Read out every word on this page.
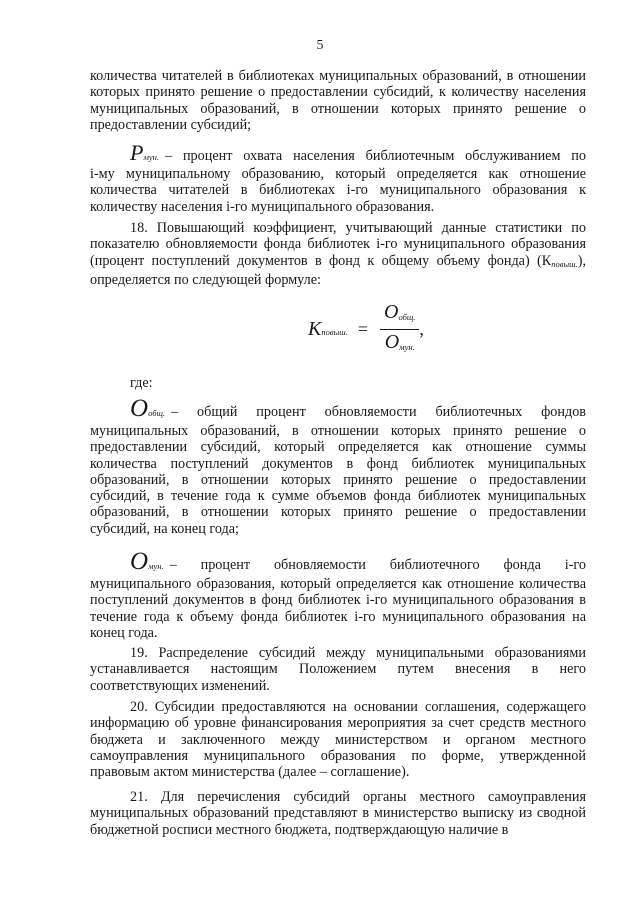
5

количества читателей в библиотеках муниципальных образований, в отношении которых принято решение о предоставлении субсидий, к количеству населения муниципальных образований, в отношении которых принято решение о предоставлении субсидий;

P мун. – процент охвата населения библиотечным обслуживанием по

i-му муниципальному образованию, который определяется как отношение количества читателей в библиотеках i-го муниципального образования к количеству населения i-го муниципального образования.

18. Повышающий коэффициент, учитывающий данные статистики по показателю обновляемости фонда библиотек i-го муниципального образования (процент поступлений документов в фонд к общему объему фонда) $(К_{повыш.})$, определяется по следующей формуле:

$K_{повыш.} = \frac{O_{общ.}}{O_{мун.}}$ ,

где:

O общ. – общий процент обновляемости библиотечных фондов

муниципальных образований, в отношении которых принято решение о предоставлении субсидий, который определяется как отношение суммы количества поступлений документов в фонд библиотек муниципальных образований, в отношении которых принято решение о предоставлении субсидий, в течение года к сумме объемов фонда библиотек муниципальных образований, в отношении которых принято решение о предоставлении субсидий, на конец года;

O мун. – процент обновляемости библиотечного фонда i-го

муниципального образования, который определяется как отношение количества поступлений документов в фонд библиотек i-го муниципального образования в течение года к объему фонда библиотек i-го муниципального образования на конец года.

19. Распределение субсидий между муниципальными образованиями устанавливается настоящим Положением путем внесения в него соответствующих изменений.

20. Субсидии предоставляются на основании соглашения, содержащего информацию об уровне финансирования мероприятия за счет средств местного бюджета и заключенного между министерством и органом местного самоуправления муниципального образования по форме, утвержденной правовым актом министерства (далее – соглашение).

21. Для перечисления субсидий органы местного самоуправления муниципальных образований представляют в министерство выписку из сводной бюджетной росписи местного бюджета, подтверждающую наличие в
